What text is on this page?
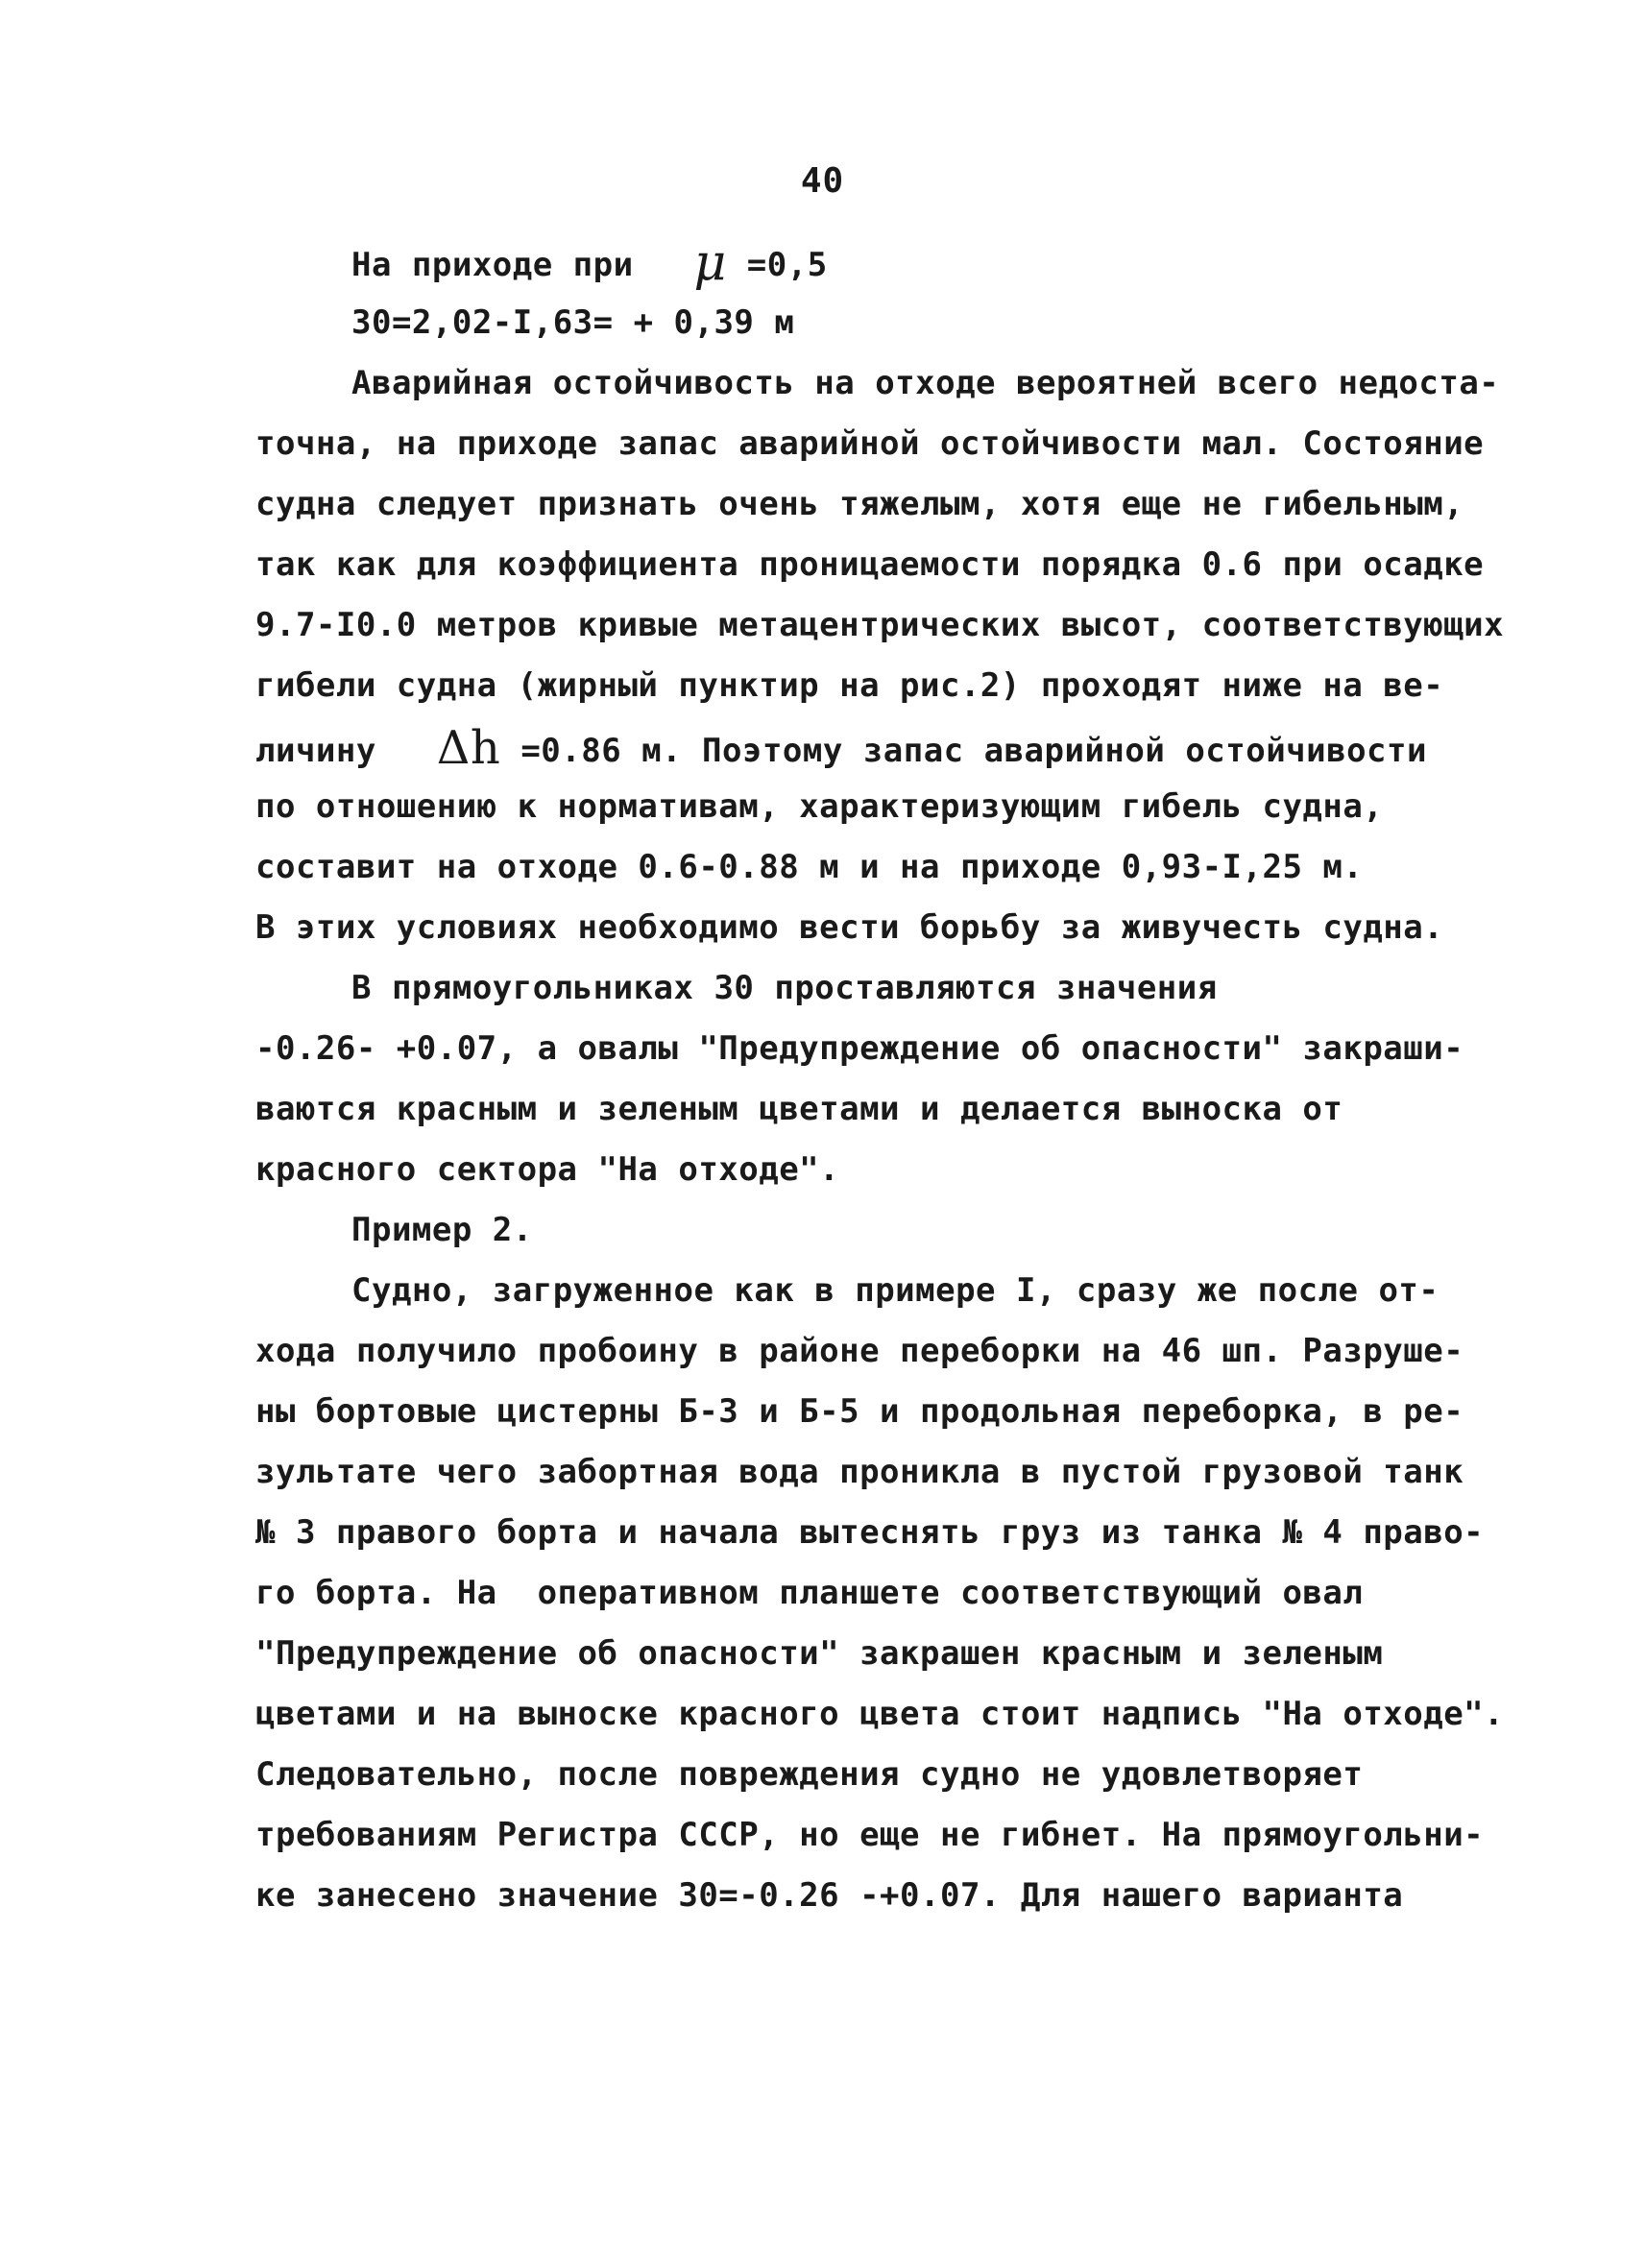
40
На приходе при μ =0,5
30=2,02-I,63= + 0,39 м
Аварийная остойчивость на отходе вероятней всего недоста-
точна, на приходе запас аварийной остойчивости мал. Состояние
судна следует признать очень тяжелым, хотя еще не гибельным,
так как для коэффициента проницаемости порядка 0.6 при осадке
9.7-I0.0 метров кривые метацентрических высот, соответствующих
гибели судна (жирный пунктир на рис.2) проходят ниже на ве-
личину Δh =0.86 м. Поэтому запас аварийной остойчивости
по отношению к нормативам, характеризующим гибель судна,
составит на отходе 0.6-0.88 м и на приходе 0,93-I,25 м.
В этих условиях необходимо вести борьбу за живучесть судна.
В прямоугольниках 30 проставляются значения
-0.26- +0.07, а овалы "Предупреждение об опасности" закраши-
ваются красным и зеленым цветами и делается выноска от
красного сектора "На отходе".
Пример 2.
Судно, загруженное как в примере I, сразу же после от-
хода получило пробоину в районе переборки на 46 шп. Разруше-
ны бортовые цистерны Б-3 и Б-5 и продольная переборка, в ре-
зультате чего забортная вода проникла в пустой грузовой танк
№ 3 правого борта и начала вытеснять груз из танка № 4 право-
го борта. На  оперативном планшете соответствующий овал
"Предупреждение об опасности" закрашен красным и зеленым
цветами и на выноске красного цвета стоит надпись "На отходе".
Следовательно, после повреждения судно не удовлетворяет
требованиям Регистра СССР, но еще не гибнет. На прямоугольни-
ке занесено значение 30=-0.26 -+0.07. Для нашего варианта
